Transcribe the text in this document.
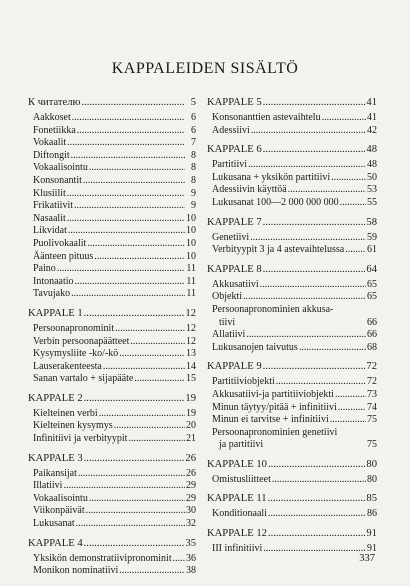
KAPPALEIDEN SISÄLTÖ
К читателю .....	5
Aakkoset .....	6
Fonetiikka .....	6
Vokaalit .....	7
Diftongit .....	8
Vokaalisointu .....	8
Konsonantit .....	8
Klusiilit .....	9
Frikatiivit .....	9
Nasaalit .....	10
Likvidat .....	10
Puolivokaalit .....	10
Äänteen pituus .....	10
Paino .....	11
Intonaatio .....	11
Tavujako .....	11
KAPPALE 1 .....	12
Persoonapronominit .....	12
Verbin persoonapäätteet .....	12
Kysymysliite -ko/-kö .....	13
Lauserakenteesta .....	14
Sanan vartalo + sijapääte .....	15
KAPPALE 2 .....	19
Kielteinen verbi .....	19
Kielteinen kysymys .....	20
Infinitiivi ja verbityypit .....	21
KAPPALE 3 .....	26
Paikansijat .....	26
Illatiivi .....	29
Vokaalisointu .....	29
Viikonpäivät .....	30
Lukusanat .....	32
KAPPALE 4 .....	35
Yksikön demonstratiivipronominit ..... 36
Monikon nominatiivi .....	38
KAPPALE 5 .....	41
Konsonanttien astevaihtelu .....	41
Adessiivi .....	42
KAPPALE 6 .....	48
Partitiivi .....	48
Lukusana + yksikön partitiivi .....	50
Adessiivin käyttöä .....	53
Lukusanat 100—2 000 000 000 .....	55
KAPPALE 7 .....	58
Genetiivi .....	59
Verbityypit 3 ja 4 astevaihtelussa ..... 61
KAPPALE 8 .....	64
Akkusatiivi .....	65
Objekti .....	65
Persoonapronominien akkusa-
tiivi	66
Allatiivi .....	66
Lukusanojen taivutus .....	68
KAPPALE 9 .....	72
Partitiiviobjekti .....	72
Akkusatiivi-ja partitiiviobjekti .....	73
Minun täytyy/pitää + infinitiivi .....	74
Minun ei tarvitse + infinitiivi .....	75
Persoonapronominien genetiivi
ja partitiivi	75
KAPPALE 10 .....	80
Omistusliitteet .....	80
KAPPALE 11 .....	85
Konditionaali .....	86
KAPPALE 12 .....	91
III infinitiivi .....	91
337
